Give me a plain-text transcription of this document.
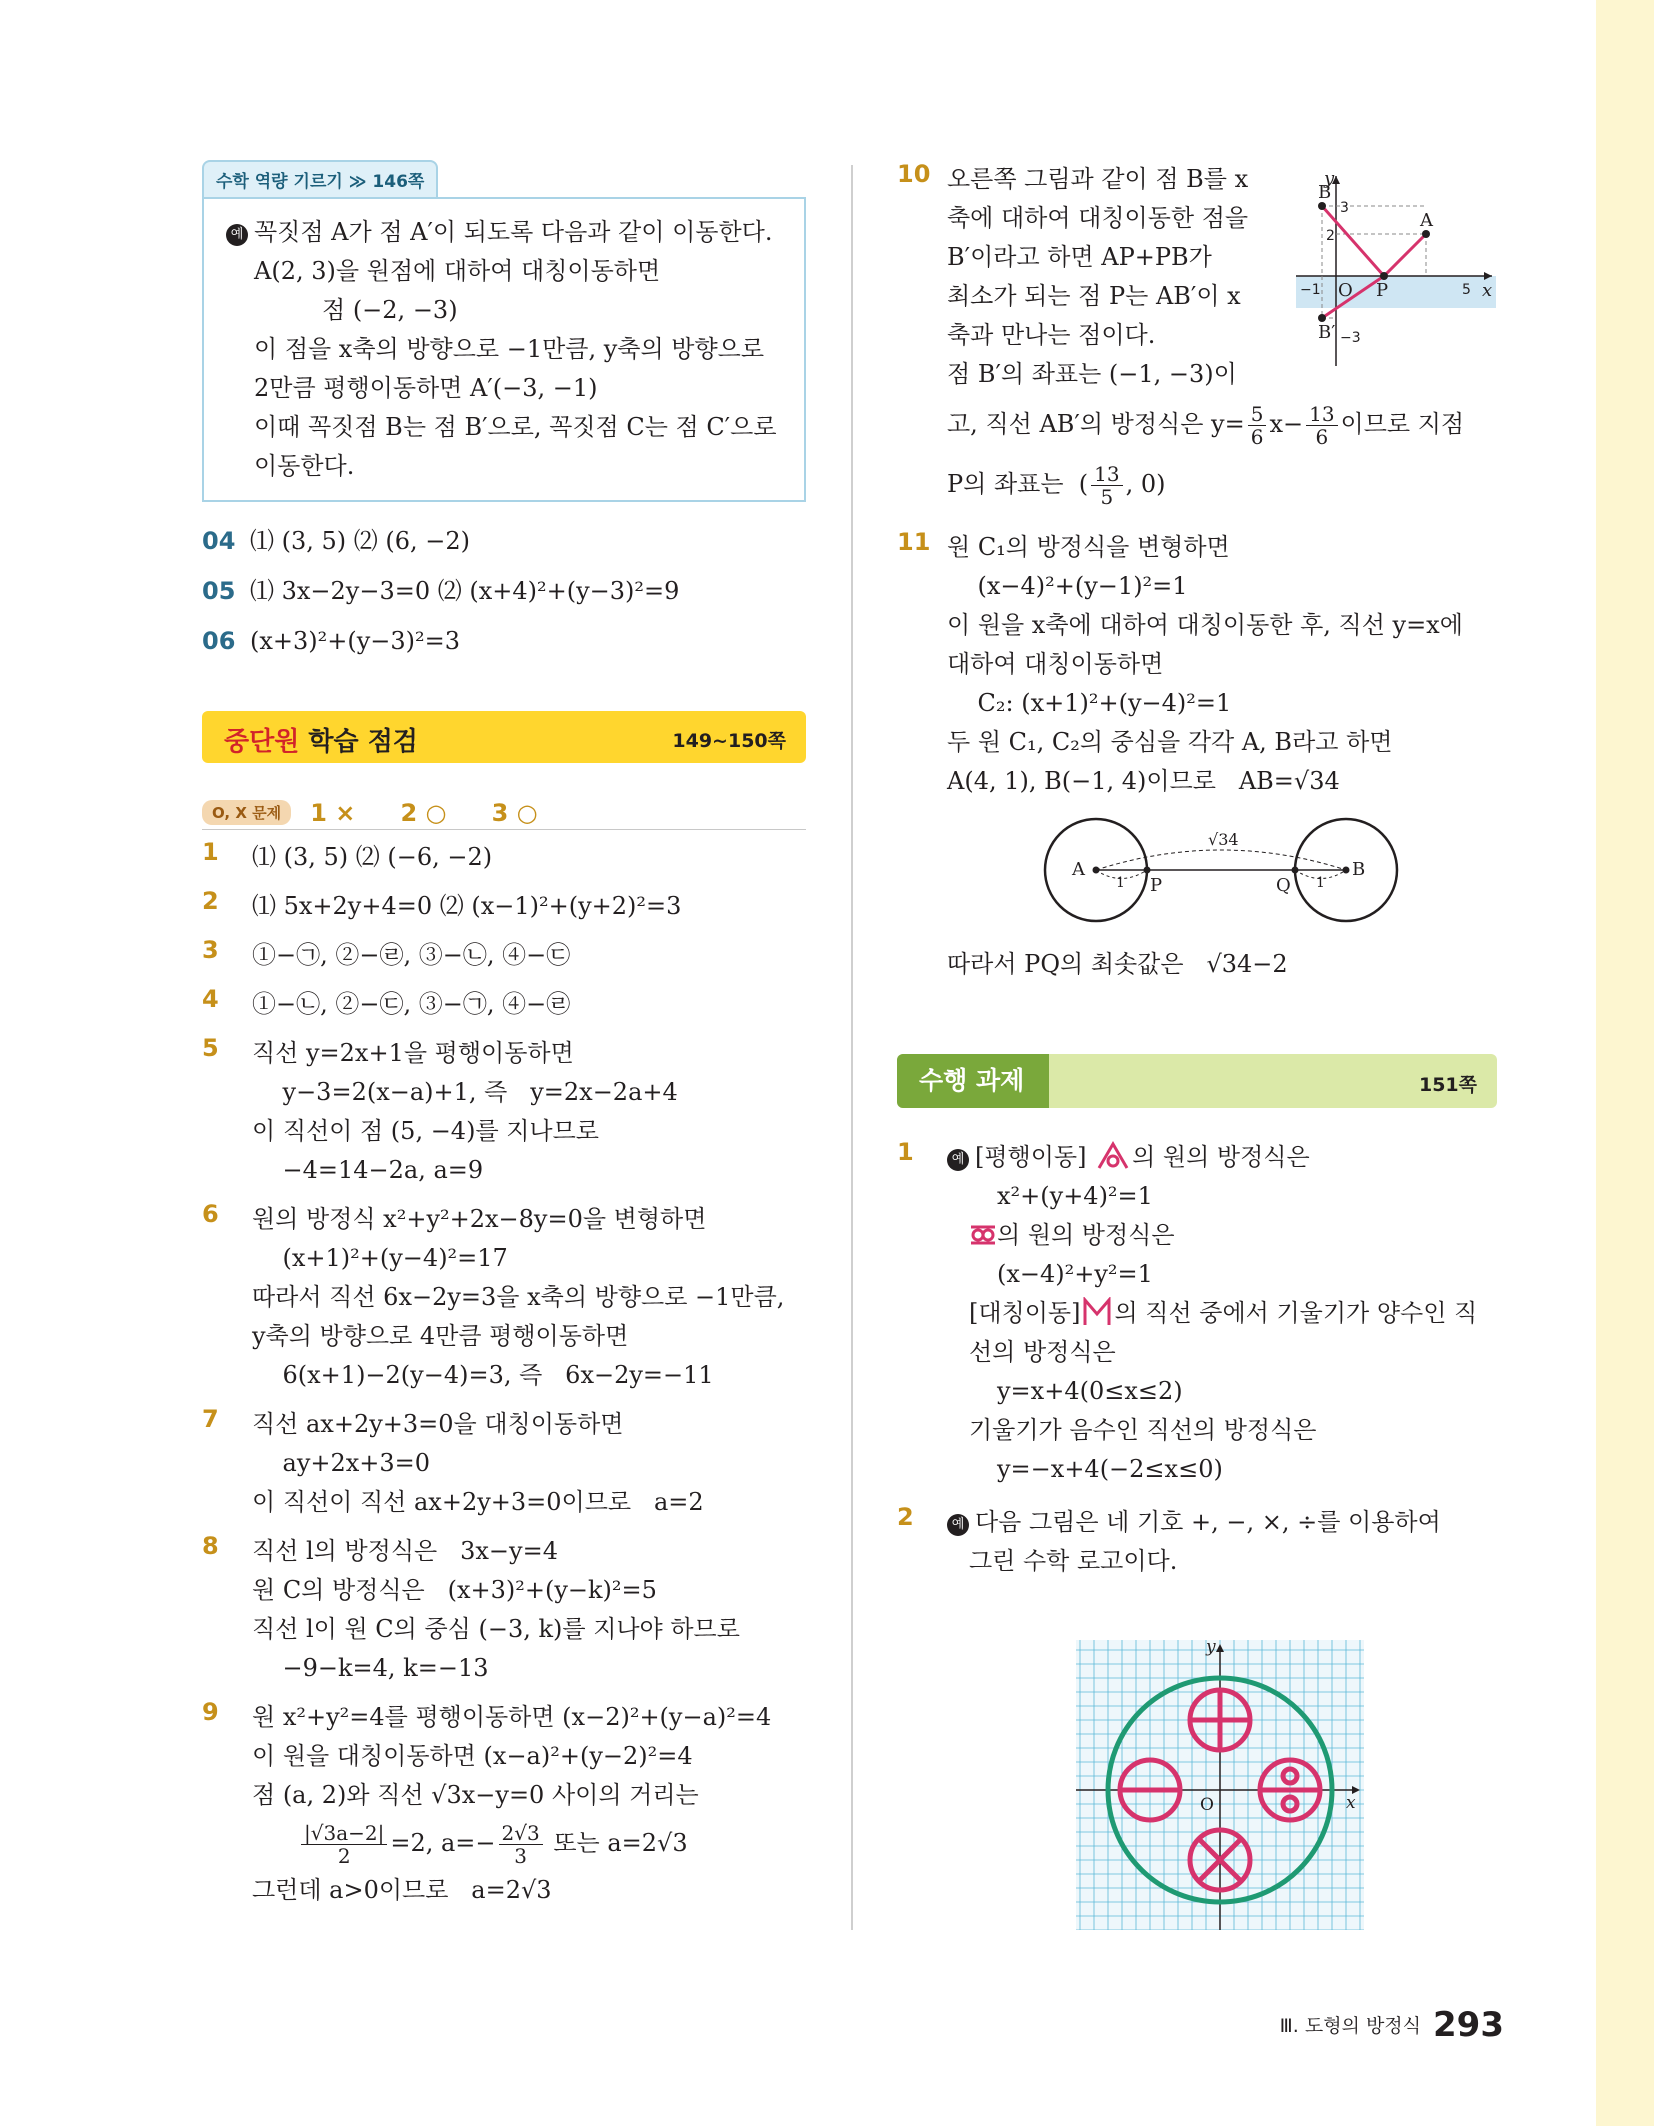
수학 역량 기르기 ≫ 146쪽
예 꼭짓점 A가 점 A′이 되도록 다음과 같이 이동한다.
A(2, 3)을 원점에 대하여 대칭이동하면
점 (−2, −3)
이 점을 x축의 방향으로 −1만큼, y축의 방향으로
2만큼 평행이동하면 A′(−3, −1)
이때 꼭짓점 B는 점 B′으로, 꼭짓점 C는 점 C′으로
이동한다.
04 ⑴ (3, 5) ⑵ (6, −2)
05 ⑴ 3x−2y−3=0 ⑵ (x+4)²+(y−3)²=9
06 (x+3)²+(y−3)²=3
중단원 학습 점검	149~150쪽
O, X 문제 1 × 2 ○ 3 ○
1	⑴ (3, 5) ⑵ (−6, −2)
2	⑴ 5x+2y+4=0 ⑵ (x−1)²+(y+2)²=3
3	①−㉠, ②−㉣, ③−㉡, ④−㉢
4	①−㉡, ②−㉢, ③−㉠, ④−㉣
5	직선 y=2x+1을 평행이동하면
y−3=2(x−a)+1, 즉   y=2x−2a+4
이 직선이 점 (5, −4)를 지나므로
−4=14−2a, a=9
6	원의 방정식 x²+y²+2x−8y=0을 변형하면
(x+1)²+(y−4)²=17
따라서 직선 6x−2y=3을 x축의 방향으로 −1만큼,
y축의 방향으로 4만큼 평행이동하면
6(x+1)−2(y−4)=3, 즉   6x−2y=−11
7	직선 ax+2y+3=0을 대칭이동하면
ay+2x+3=0
이 직선이 직선 ax+2y+3=0이므로   a=2
8	직선 l의 방정식은   3x−y=4
원 C의 방정식은   (x+3)²+(y−k)²=5
직선 l이 원 C의 중심 (−3, k)를 지나야 하므로
−9−k=4, k=−13
9	원 x²+y²=4를 평행이동하면 (x−2)²+(y−a)²=4
이 원을 대칭이동하면 (x−a)²+(y−2)²=4
점 (a, 2)와 직선 √3x−y=0 사이의 거리는
$\frac{|√3a-2|}{2} =2$, $a=- \frac{2√3}{3}$ 또는 a=2√3
그런데 a>0이므로   a=2√3
10 오른쪽 그림과 같이 점 B를 x
축에 대하여 대칭이동한 점을
B′이라고 하면 AP+PB가
최소가 되는 점 P는 AB′이 x
축과 만나는 점이다.
점 B′의 좌표는 (−1, −3)이
고, 직선 AB′의 방정식은 $y= \frac{5}{6} x- \frac{13}{6}$ 이므로 지점
P의 좌표는  ( $\frac{13}{5}$ , 0)
11 원 C₁의 방정식을 변형하면
(x−4)²+(y−1)²=1
이 원을 x축에 대하여 대칭이동한 후, 직선 y=x에
대하여 대칭이동하면
C₂: (x+1)²+(y−4)²=1
두 원 C₁, C₂의 중심을 각각 A, B라고 하면
A(4, 1), B(−1, 4)이므로   AB=√34
따라서 PQ의 최솟값은   √34−2
수행 과제	151쪽
1	예 [평행이동] 의 원의 방정식은
x²+(y+4)²=1
의 원의 방정식은
(x−4)²+y²=1
[대칭이동] 의 직선 중에서 기울기가 양수인 직
선의 방정식은
y=x+4(0≤x≤2)
기울기가 음수인 직선의 방정식은
y=−x+4(−2≤x≤0)
2	예 다음 그림은 네 기호 +, −, ×, ÷를 이용하여
그린 수학 로고이다.
B
A
B′
P
O	x
y
3
2
−1	5
−3
A	B
P	Q
√34
1	1
O	x
y
Ⅲ. 도형의 방정식 293
